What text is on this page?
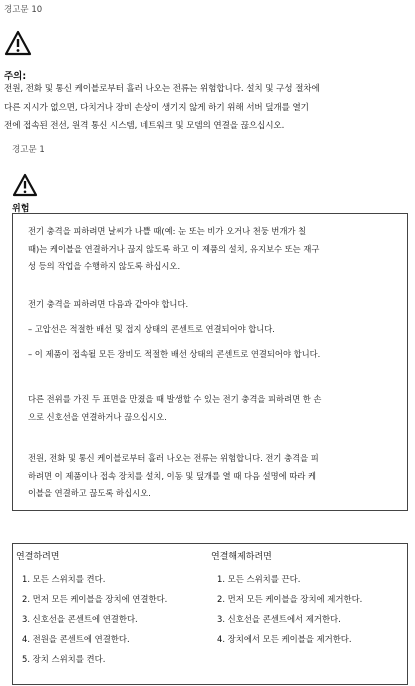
경고문 10
주의:
전원, 전화 및 통신 케이블로부터 흘러 나오는 전류는 위험합니다. 설치 및 구성 절차에
다른 지시가 없으면, 다치거나 장비 손상이 생기지 않게 하기 위해 서버 덮개를 열기
전에 접속된 전선, 원격 통신 시스템, 네트워크 및 모뎀의 연결을 끊으십시오.
경고문 1
위험
전기 충격을 피하려면 날씨가 나쁠 때(예: 눈 또는 비가 오거나 천둥 번개가 칠
때)는 케이블을 연결하거나 끊지 않도록 하고 이 제품의 설치, 유지보수 또는 재구
성 등의 작업을 수행하지 않도록 하십시오.
전기 충격을 피하려면 다음과 같아야 합니다.
– 고압선은 적절한 배선 및 접지 상태의 콘센트로 연결되어야 합니다.
– 이 제품이 접속될 모든 장비도 적절한 배선 상태의 콘센트로 연결되어야 합니다.
다른 전위를 가진 두 표면을 만졌을 때 발생할 수 있는 전기 충격을 피하려면 한 손
으로 신호선을 연결하거나 끊으십시오.
전원, 전화 및 통신 케이블로부터 흘러 나오는 전류는 위험합니다. 전기 충격을 피
하려면 이 제품이나 접속 장치를 설치, 이동 및 덮개를 열 때 다음 설명에 따라 케
이블을 연결하고 끊도록 하십시오.
연결하려면	연결해제하려면
1. 모든 스위치를 켠다.	1. 모든 스위치를 끈다.
2. 먼저 모든 케이블을 장치에 연결한다.	2. 먼저 모든 케이블을 장치에 제거한다.
3. 신호선을 콘센트에 연결한다.	3. 신호선을 콘센트에서 제거한다.
4. 전원을 콘센트에 연결한다.	4. 장치에서 모든 케이블을 제거한다.
5. 장치 스위치를 켠다.	
